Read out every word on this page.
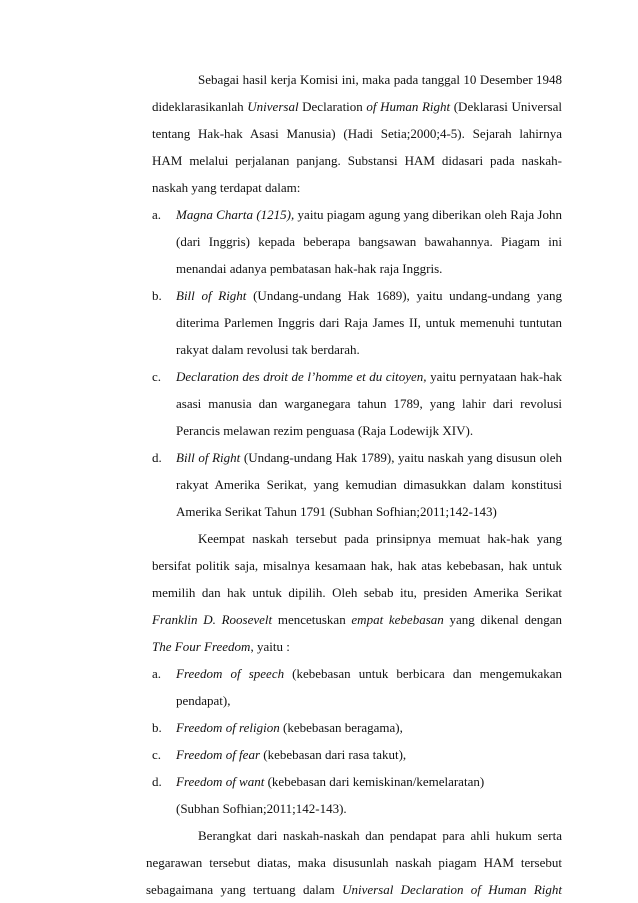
Sebagai hasil kerja Komisi ini, maka pada tanggal 10 Desember 1948
dideklarasikanlah Universal Declaration of Human Right (Deklarasi Universal
tentang Hak-hak Asasi Manusia) (Hadi Setia;2000;4-5). Sejarah lahirnya
HAM melalui perjalanan panjang. Substansi HAM didasari pada naskah-
naskah yang terdapat dalam:
a. Magna Charta (1215), yaitu piagam agung yang diberikan oleh Raja John
(dari Inggris) kepada beberapa bangsawan bawahannya. Piagam ini
menandai adanya pembatasan hak-hak raja Inggris.
b. Bill of Right (Undang-undang Hak 1689), yaitu undang-undang yang
diterima Parlemen Inggris dari Raja James II, untuk memenuhi tuntutan
rakyat dalam revolusi tak berdarah.
c. Declaration des droit de l’homme et du citoyen, yaitu pernyataan hak-hak
asasi manusia dan warganegara tahun 1789, yang lahir dari revolusi
Perancis melawan rezim penguasa (Raja Lodewijk XIV).
d. Bill of Right (Undang-undang Hak 1789), yaitu naskah yang disusun oleh
rakyat Amerika Serikat, yang kemudian dimasukkan dalam konstitusi
Amerika Serikat Tahun 1791 (Subhan Sofhian;2011;142-143)
Keempat naskah tersebut pada prinsipnya memuat hak-hak yang
bersifat politik saja, misalnya kesamaan hak, hak atas kebebasan, hak untuk
memilih dan hak untuk dipilih. Oleh sebab itu, presiden Amerika Serikat
Franklin D. Roosevelt mencetuskan empat kebebasan yang dikenal dengan
The Four Freedom, yaitu :
a. Freedom of speech (kebebasan untuk berbicara dan mengemukakan
pendapat),
b. Freedom of religion (kebebasan beragama),
c. Freedom of fear (kebebasan dari rasa takut),
d. Freedom of want (kebebasan dari kemiskinan/kemelaratan)
(Subhan Sofhian;2011;142-143).
Berangkat dari naskah-naskah dan pendapat para ahli hukum serta
negarawan tersebut diatas, maka disusunlah naskah piagam HAM tersebut
sebagaimana yang tertuang dalam Universal Declaration of Human Right
